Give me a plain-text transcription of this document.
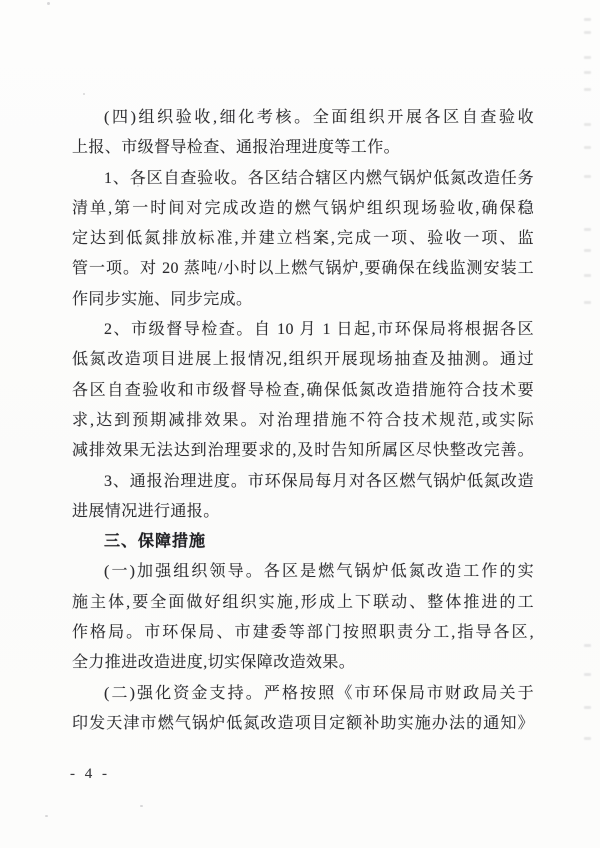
(四)组织验收,细化考核。全面组织开展各区自查验收
上报、市级督导检查、通报治理进度等工作。
1、各区自查验收。各区结合辖区内燃气锅炉低氮改造任务
清单,第一时间对完成改造的燃气锅炉组织现场验收,确保稳
定达到低氮排放标准,并建立档案,完成一项、验收一项、监
管一项。对 20 蒸吨/小时以上燃气锅炉,要确保在线监测安装工
作同步实施、同步完成。
2、市级督导检查。自 10 月 1 日起,市环保局将根据各区
低氮改造项目进展上报情况,组织开展现场抽查及抽测。通过
各区自查验收和市级督导检查,确保低氮改造措施符合技术要
求,达到预期减排效果。对治理措施不符合技术规范,或实际
减排效果无法达到治理要求的,及时告知所属区尽快整改完善。
3、通报治理进度。市环保局每月对各区燃气锅炉低氮改造
进展情况进行通报。
三、保障措施
(一)加强组织领导。各区是燃气锅炉低氮改造工作的实
施主体,要全面做好组织实施,形成上下联动、整体推进的工
作格局。市环保局、市建委等部门按照职责分工,指导各区,
全力推进改造进度,切实保障改造效果。
(二)强化资金支持。严格按照《市环保局市财政局关于
印发天津市燃气锅炉低氮改造项目定额补助实施办法的通知》
- 4 -
